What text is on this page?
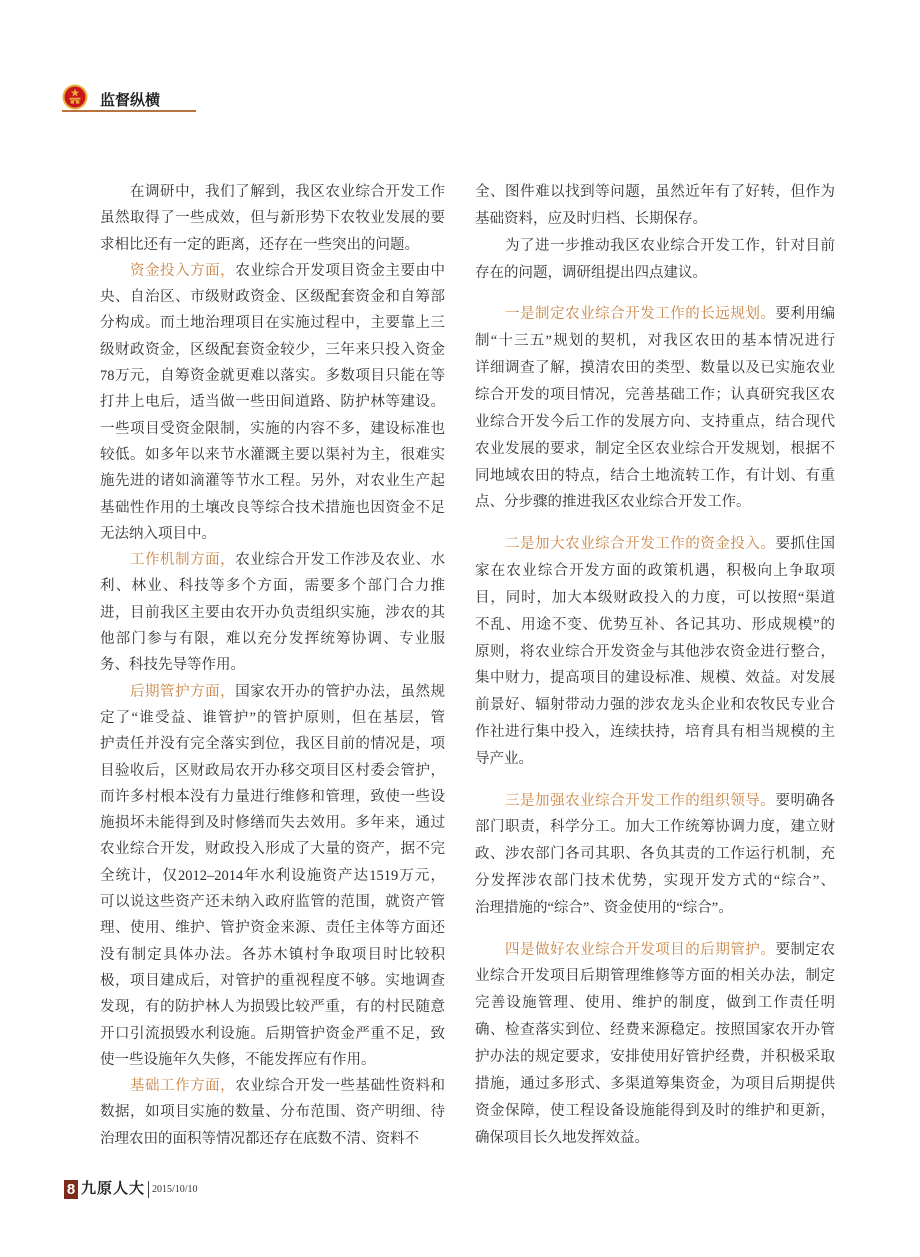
监督纵横
在调研中，我们了解到，我区农业综合开发工作
虽然取得了一些成效，但与新形势下农牧业发展的要
求相比还有一定的距离，还存在一些突出的问题。
资金投入方面，农业综合开发项目资金主要由中
央、自治区、市级财政资金、区级配套资金和自筹部
分构成。而土地治理项目在实施过程中，主要靠上三
级财政资金，区级配套资金较少，三年来只投入资金
78万元，自筹资金就更难以落实。多数项目只能在等
打井上电后，适当做一些田间道路、防护林等建设。
一些项目受资金限制，实施的内容不多，建设标准也
较低。如多年以来节水灌溉主要以渠衬为主，很难实
施先进的诸如滴灌等节水工程。另外，对农业生产起
基础性作用的土壤改良等综合技术措施也因资金不足
无法纳入项目中。
工作机制方面，农业综合开发工作涉及农业、水
利、林业、科技等多个方面，需要多个部门合力推
进，目前我区主要由农开办负责组织实施，涉农的其
他部门参与有限，难以充分发挥统筹协调、专业服
务、科技先导等作用。
后期管护方面，国家农开办的管护办法，虽然规
定了“谁受益、谁管护”的管护原则，但在基层，管
护责任并没有完全落实到位，我区目前的情况是，项
目验收后，区财政局农开办移交项目区村委会管护，
而许多村根本没有力量进行维修和管理，致使一些设
施损坏未能得到及时修缮而失去效用。多年来，通过
农业综合开发，财政投入形成了大量的资产，据不完
全统计，仅2012–2014年水利设施资产达1519万元，
可以说这些资产还未纳入政府监管的范围，就资产管
理、使用、维护、管护资金来源、责任主体等方面还
没有制定具体办法。各苏木镇村争取项目时比较积
极，项目建成后，对管护的重视程度不够。实地调查
发现，有的防护林人为损毁比较严重，有的村民随意
开口引流损毁水利设施。后期管护资金严重不足，致
使一些设施年久失修，不能发挥应有作用。
基础工作方面，农业综合开发一些基础性资料和
数据，如项目实施的数量、分布范围、资产明细、待
治理农田的面积等情况都还存在底数不清、资料不
全、图件难以找到等问题，虽然近年有了好转，但作为
基础资料，应及时归档、长期保存。
为了进一步推动我区农业综合开发工作，针对目前
存在的问题，调研组提出四点建议。
一是制定农业综合开发工作的长远规划。要利用编
制“十三五”规划的契机，对我区农田的基本情况进行
详细调查了解，摸清农田的类型、数量以及已实施农业
综合开发的项目情况，完善基础工作；认真研究我区农
业综合开发今后工作的发展方向、支持重点，结合现代
农业发展的要求，制定全区农业综合开发规划，根据不
同地域农田的特点，结合土地流转工作，有计划、有重
点、分步骤的推进我区农业综合开发工作。
二是加大农业综合开发工作的资金投入。要抓住国
家在农业综合开发方面的政策机遇，积极向上争取项
目，同时，加大本级财政投入的力度，可以按照“渠道
不乱、用途不变、优势互补、各记其功、形成规模”的
原则，将农业综合开发资金与其他涉农资金进行整合，
集中财力，提高项目的建设标准、规模、效益。对发展
前景好、辐射带动力强的涉农龙头企业和农牧民专业合
作社进行集中投入，连续扶持，培育具有相当规模的主
导产业。
三是加强农业综合开发工作的组织领导。要明确各
部门职责，科学分工。加大工作统筹协调力度，建立财
政、涉农部门各司其职、各负其责的工作运行机制，充
分发挥涉农部门技术优势，实现开发方式的“综合”、
治理措施的“综合”、资金使用的“综合”。
四是做好农业综合开发项目的后期管护。要制定农
业综合开发项目后期管理维修等方面的相关办法，制定
完善设施管理、使用、维护的制度，做到工作责任明
确、检查落实到位、经费来源稳定。按照国家农开办管
护办法的规定要求，安排使用好管护经费，并积极采取
措施，通过多形式、多渠道筹集资金，为项目后期提供
资金保障，使工程设备设施能得到及时的维护和更新，
确保项目长久地发挥效益。
8 九原人大 2015/10/10
